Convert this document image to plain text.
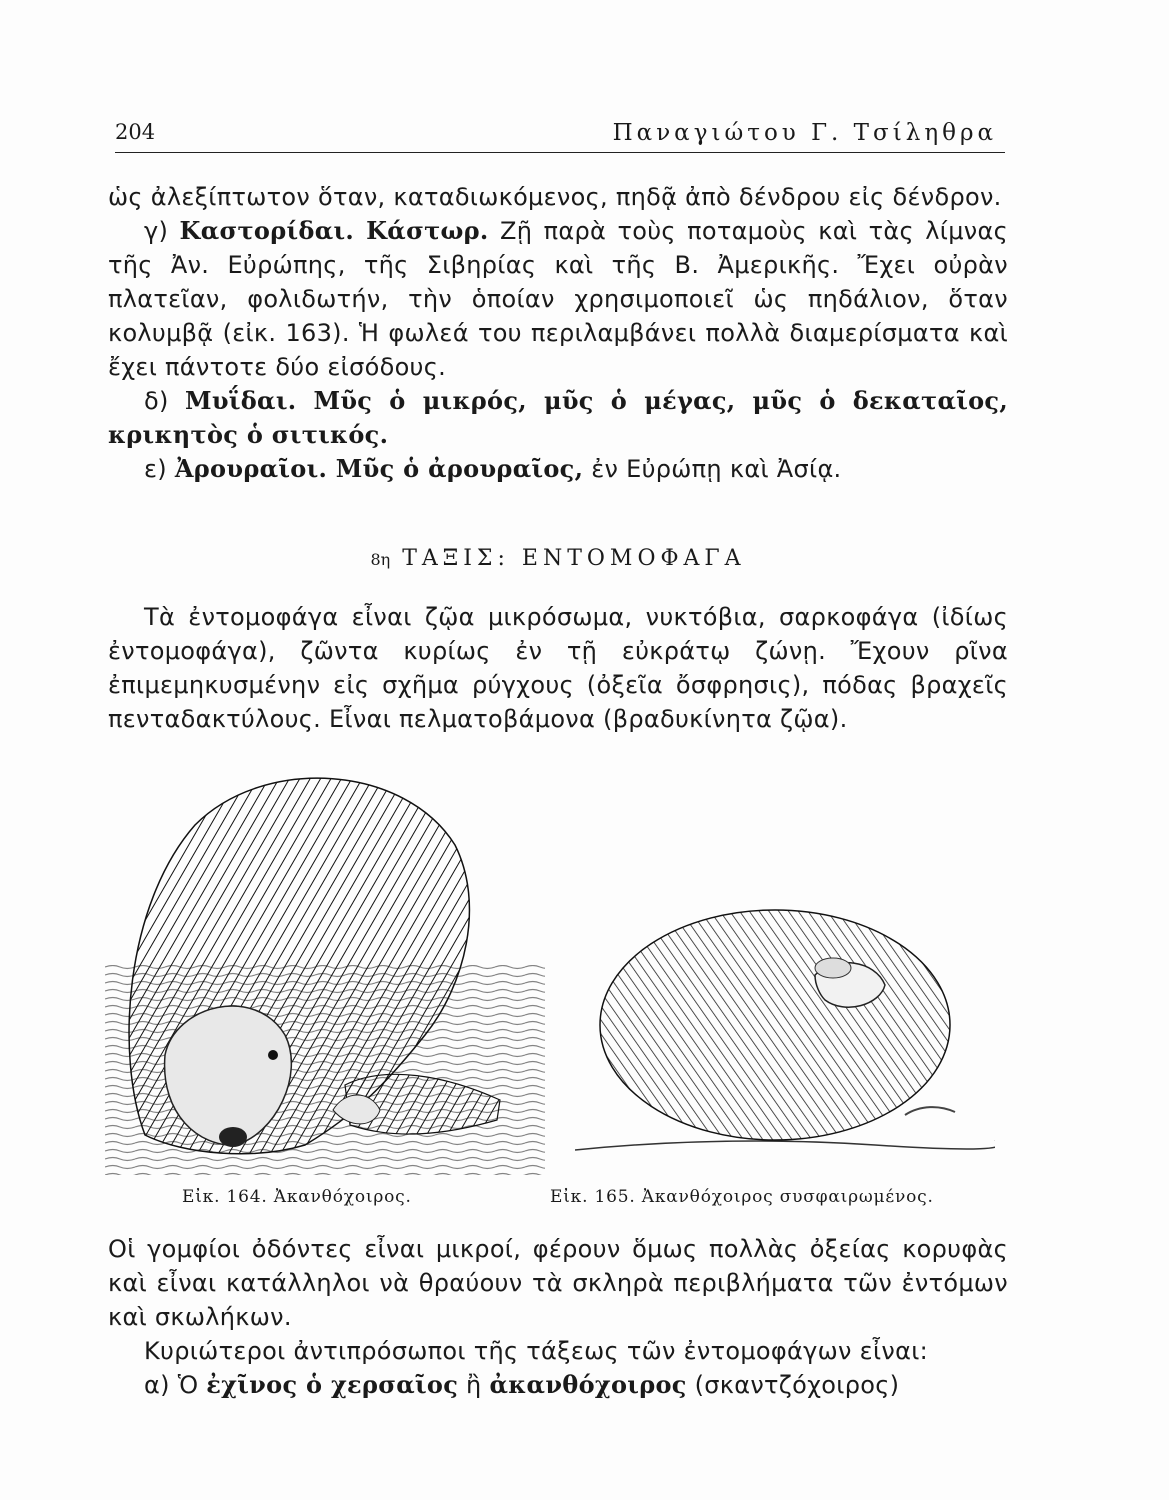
204	Παναγιώτου Γ. Τσίληθρα

ὡς ἀλεξίπτωτον ὅταν, καταδιωκόμενος, πηδᾷ ἀπὸ δένδρου εἰς δένδρον.

γ) Καστορίδαι. Κάστωρ. Ζῇ παρὰ τοὺς ποταμοὺς καὶ τὰς λίμνας τῆς Ἀν. Εὐρώπης, τῆς Σιβηρίας καὶ τῆς Β. Ἀμερικῆς. Ἔχει οὐρὰν πλατεῖαν, φολιδωτήν, τὴν ὁποίαν χρησιμοποιεῖ ὡς πηδάλιον, ὅταν κολυμβᾷ (εἰκ. 163). Ἡ φωλεά του περιλαμβάνει πολλὰ διαμερίσματα καὶ ἔχει πάντοτε δύο εἰσόδους.

δ) Μυΐδαι. Μῦς ὁ μικρός, μῦς ὁ μέγας, μῦς ὁ δεκαταῖος, κρικητὸς ὁ σιτικός.

ε) Ἀρουραῖοι. Μῦς ὁ ἀρουραῖος, ἐν Εὐρώπῃ καὶ Ἀσίᾳ.

8η ΤΑΞΙΣ: ΕΝΤΟΜΟΦΑΓΑ

Τὰ ἐντομοφάγα εἶναι ζῷα μικρόσωμα, νυκτόβια, σαρκοφάγα (ἰδίως ἐντομοφάγα), ζῶντα κυρίως ἐν τῇ εὐκράτῳ ζώνῃ. Ἔχουν ρῖνα ἐπιμεμηκυσμένην εἰς σχῆμα ρύγχους (ὀξεῖα ὄσφρησις), πόδας βραχεῖς πενταδακτύλους. Εἶναι πελματοβάμονα (βραδυκίνητα ζῷα).

Εἰκ. 164. Ἀκανθόχοιρος.	Εἰκ. 165. Ἀκανθόχοιρος συσφαιρωμένος.

Οἱ γομφίοι ὀδόντες εἶναι μικροί, φέρουν ὅμως πολλὰς ὀξείας κορυφὰς καὶ εἶναι κατάλληλοι νὰ θραύουν τὰ σκληρὰ περιβλήματα τῶν ἐντόμων καὶ σκωλήκων.

Κυριώτεροι ἀντιπρόσωποι τῆς τάξεως τῶν ἐντομοφάγων εἶναι:

α) Ὁ ἐχῖνος ὁ χερσαῖος ἢ ἀκανθόχοιρος (σκαντζόχοιρος)
